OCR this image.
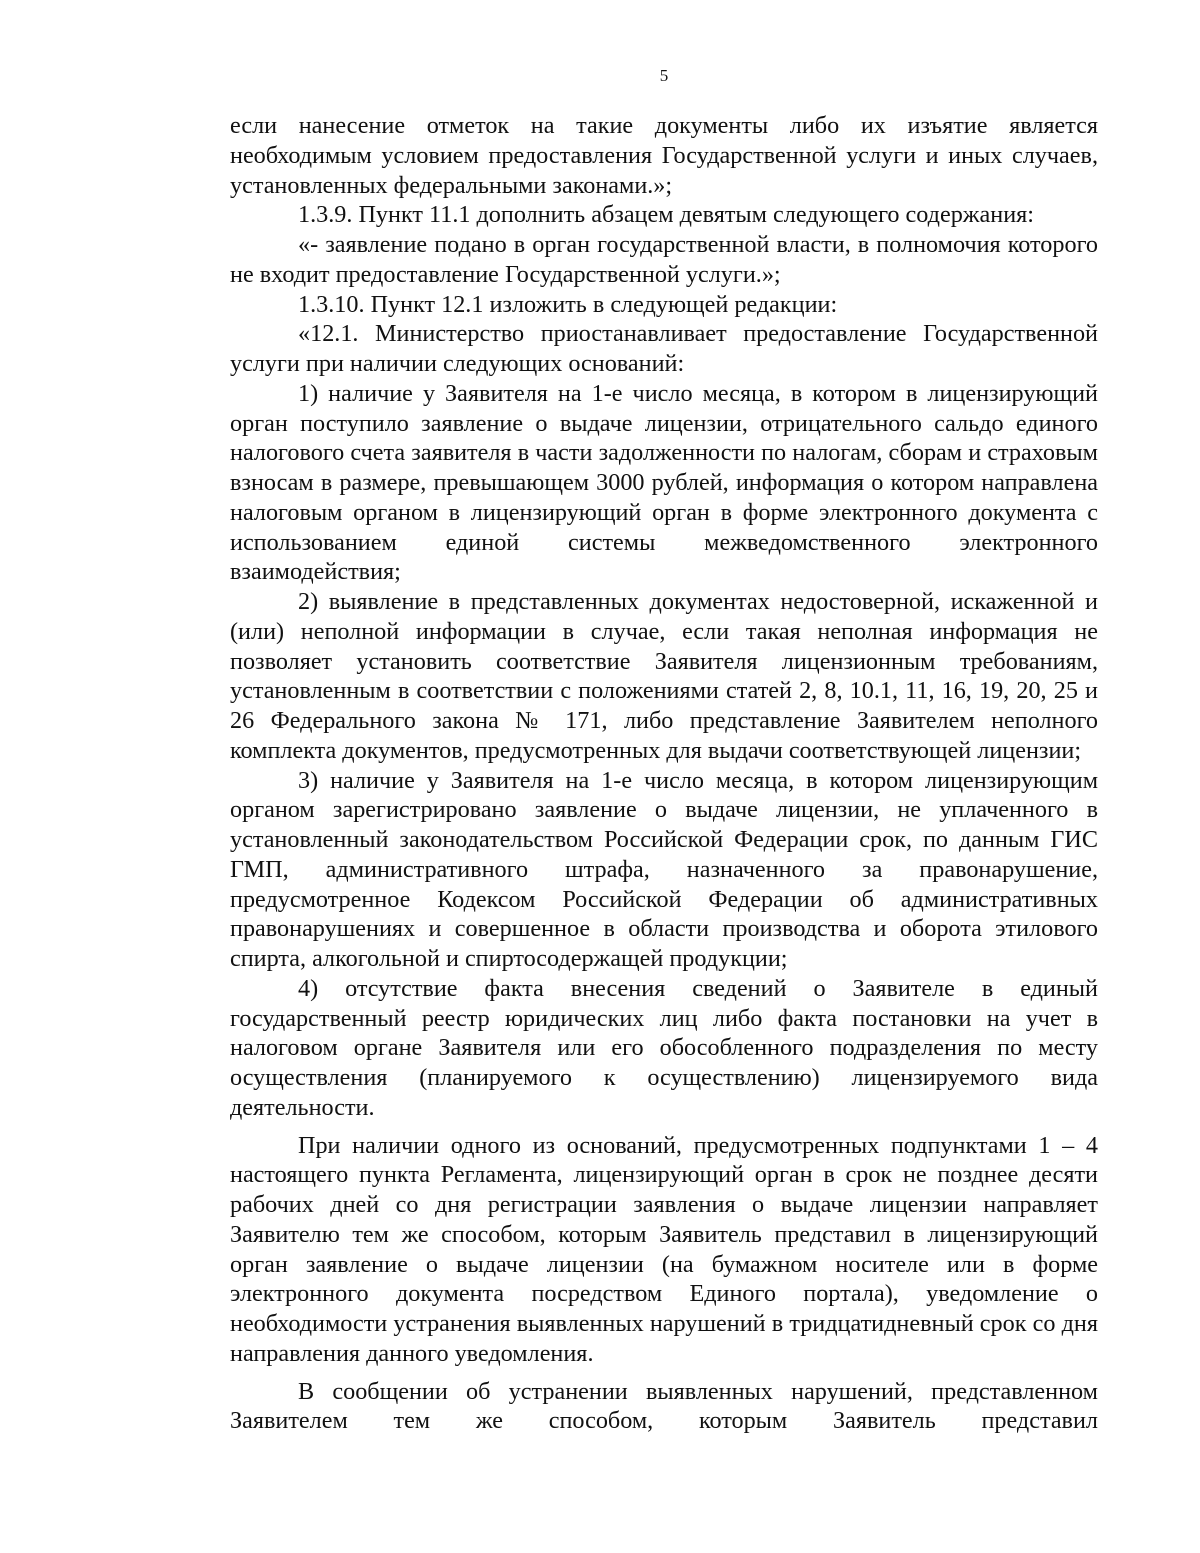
5

если нанесение отметок на такие документы либо их изъятие является необходимым условием предоставления Государственной услуги и иных случаев, установленных федеральными законами.»;

1.3.9. Пункт 11.1 дополнить абзацем девятым следующего содержания:

«- заявление подано в орган государственной власти, в полномочия которого не входит предоставление Государственной услуги.»;

1.3.10. Пункт 12.1 изложить в следующей редакции:

«12.1. Министерство приостанавливает предоставление Государственной услуги при наличии следующих оснований:

1) наличие у Заявителя на 1-е число месяца, в котором в лицензирующий орган поступило заявление о выдаче лицензии, отрицательного сальдо единого налогового счета заявителя в части задолженности по налогам, сборам и страховым взносам в размере, превышающем 3000 рублей, информация о котором направлена налоговым органом в лицензирующий орган в форме электронного документа с использованием единой системы межведомственного электронного взаимодействия;

2) выявление в представленных документах недостоверной, искаженной и (или) неполной информации в случае, если такая неполная информация не позволяет установить соответствие Заявителя лицензионным требованиям, установленным в соответствии с положениями статей 2, 8, 10.1, 11, 16, 19, 20, 25 и 26 Федерального закона № 171, либо представление Заявителем неполного комплекта документов, предусмотренных для выдачи соответствующей лицензии;

3) наличие у Заявителя на 1-е число месяца, в котором лицензирующим органом зарегистрировано заявление о выдаче лицензии, не уплаченного в установленный законодательством Российской Федерации срок, по данным ГИС ГМП, административного штрафа, назначенного за правонарушение, предусмотренное Кодексом Российской Федерации об административных правонарушениях и совершенное в области производства и оборота этилового спирта, алкогольной и спиртосодержащей продукции;

4) отсутствие факта внесения сведений о Заявителе в единый государственный реестр юридических лиц либо факта постановки на учет в налоговом органе Заявителя или его обособленного подразделения по месту осуществления (планируемого к осуществлению) лицензируемого вида деятельности.

При наличии одного из оснований, предусмотренных подпунктами 1 – 4 настоящего пункта Регламента, лицензирующий орган в срок не позднее десяти рабочих дней со дня регистрации заявления о выдаче лицензии направляет Заявителю тем же способом, которым Заявитель представил в лицензирующий орган заявление о выдаче лицензии (на бумажном носителе или в форме электронного документа посредством Единого портала), уведомление о необходимости устранения выявленных нарушений в тридцатидневный срок со дня направления данного уведомления.

В сообщении об устранении выявленных нарушений, представленном Заявителем тем же способом, которым Заявитель представил
